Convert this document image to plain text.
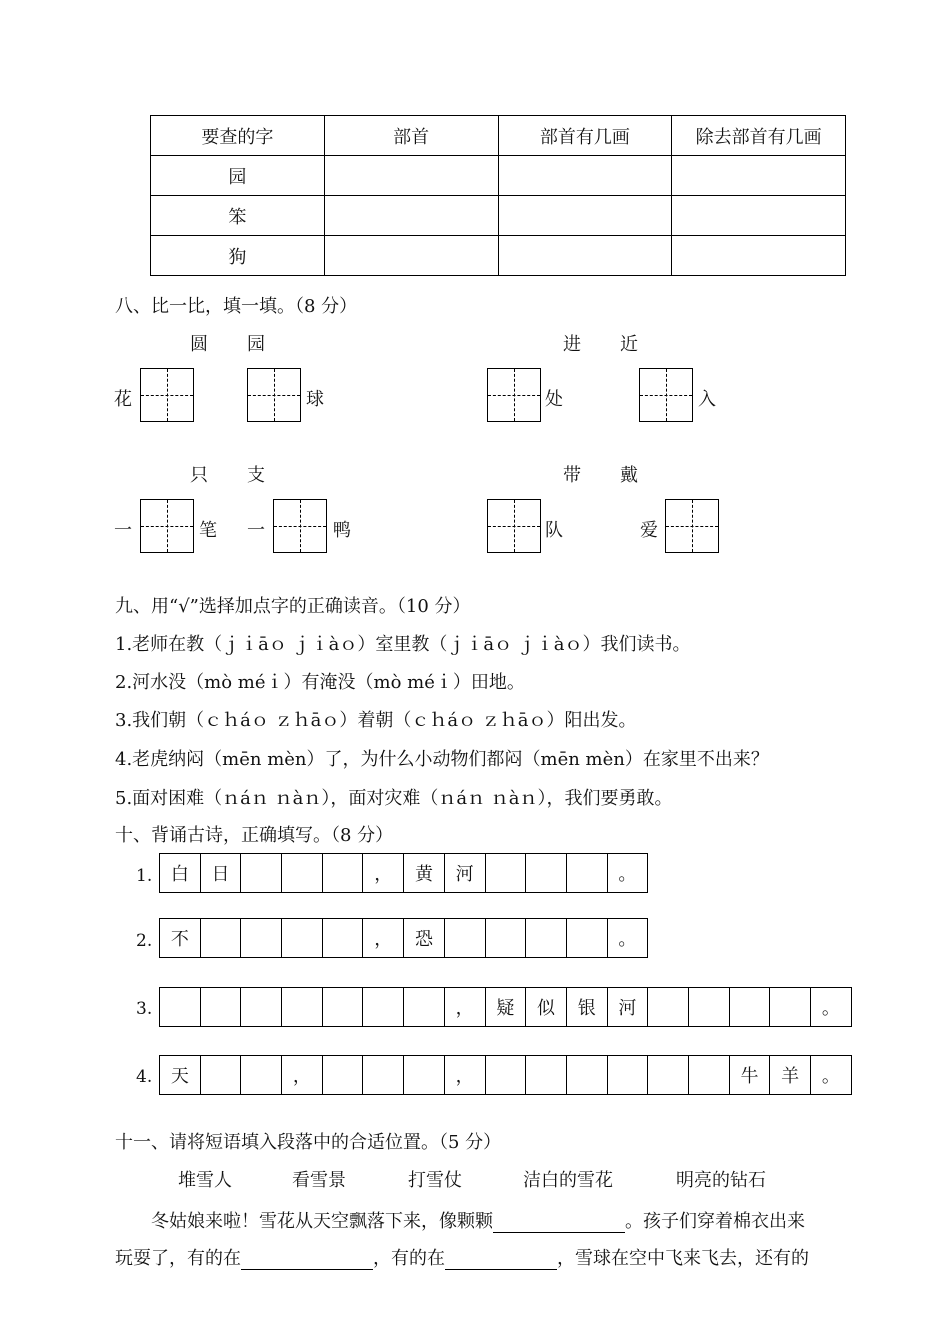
要查的字	部首	部首有几画	除去部首有几画
园			
笨			
狗			
八、比一比，填一填。（8 分）
圆 园	进 近
花	球	处	入
只 支	带 戴
一	笔 一	鸭	队	爱
九、用“√”选择加点字的正确读音。（10 分）
1.老师在教（ｊｉāｏ ｊｉàｏ）室里教（ｊｉāｏ ｊｉàｏ）我们读书。
2.河水没（mò méｉ）有淹没（mò méｉ）田地。
3.我们朝（ｃｈáｏ ｚｈāｏ）着朝（ｃｈáｏ ｚｈāｏ）阳出发。
4.老虎纳闷（mēn mèn）了，为什么小动物们都闷（mēn mèn）在家里不出来？
5.面对困难（ｎáｎ ｎàｎ），面对灾难（ｎáｎ ｎàｎ），我们要勇敢。
十、背诵古诗，正确填写。（8 分）
1.	白	日	，	黄	河	。
2.	不	，	恐	。
3.	，	疑	似	银	河	。
4.	天	，	，	牛	羊	。
十一、请将短语填入段落中的合适位置。（5 分）
堆雪人	看雪景	打雪仗	洁白的雪花	明亮的钻石
冬姑娘来啦！雪花从天空飘落下来，像颗颗	。孩子们穿着棉衣出来
玩耍了，有的在	，有的在	，雪球在空中飞来飞去，还有的
